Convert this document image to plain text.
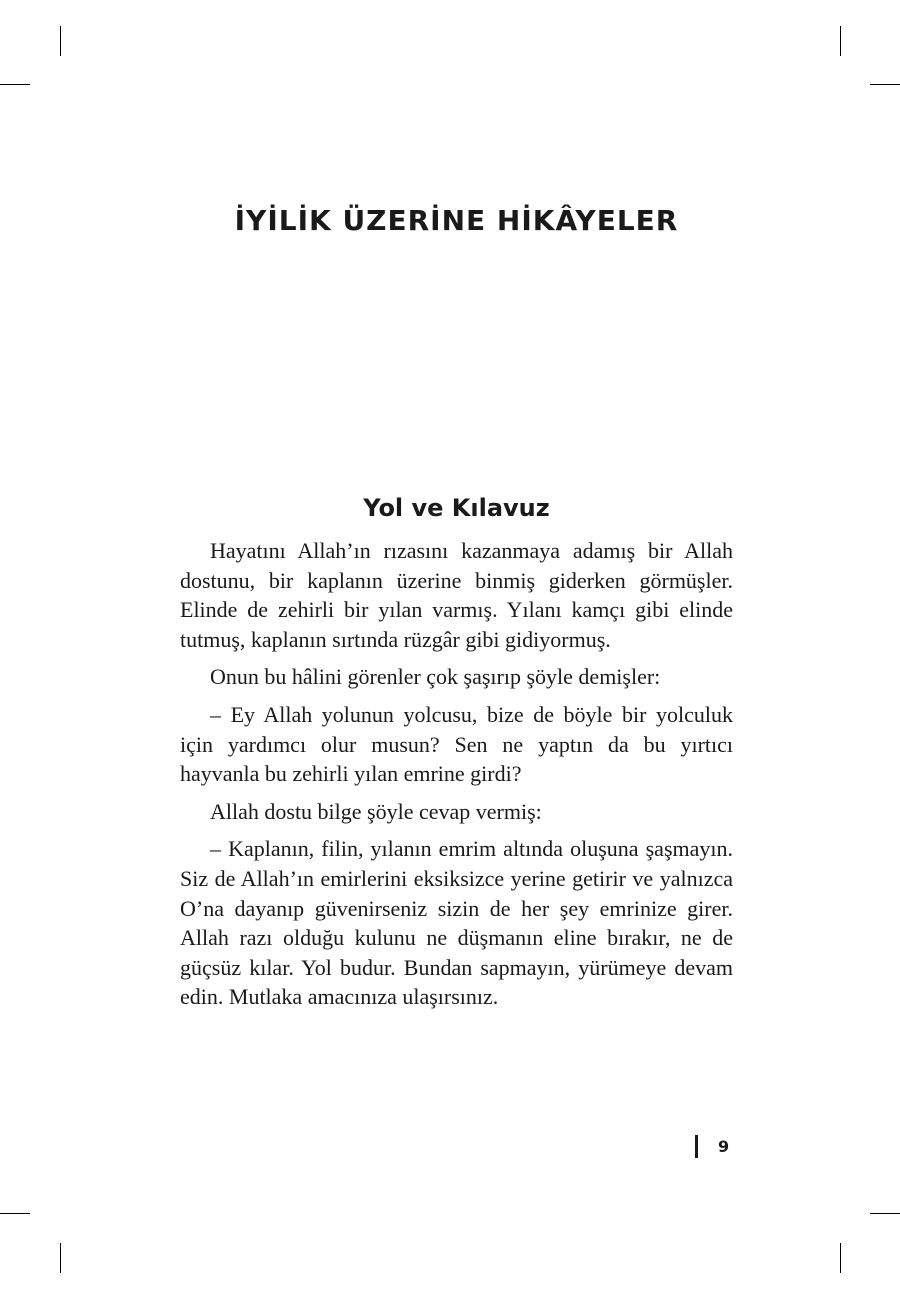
İYİLİK ÜZERİNE HİKÂYELER
Yol ve Kılavuz

Hayatını Allah’ın rızasını kazanmaya adamış bir Allah dostunu, bir kaplanın üzerine binmiş giderken görmüşler. Elinde de zehirli bir yılan varmış. Yılanı kamçı gibi elinde tutmuş, kaplanın sırtında rüzgâr gibi gidiyormuş.

Onun bu hâlini görenler çok şaşırıp şöyle demişler:

– Ey Allah yolunun yolcusu, bize de böyle bir yolculuk için yardımcı olur musun? Sen ne yaptın da bu yırtıcı hayvanla bu zehirli yılan emrine girdi?

Allah dostu bilge şöyle cevap vermiş:

– Kaplanın, filin, yılanın emrim altında oluşuna şaşmayın. Siz de Allah’ın emirlerini eksiksizce yerine getirir ve yalnızca O’na dayanıp güvenirseniz sizin de her şey emrinize girer. Allah razı olduğu kulunu ne düşmanın eline bırakır, ne de güçsüz kılar. Yol budur. Bundan sapmayın, yürümeye devam edin. Mutlaka amacınıza ulaşırsınız.

9
